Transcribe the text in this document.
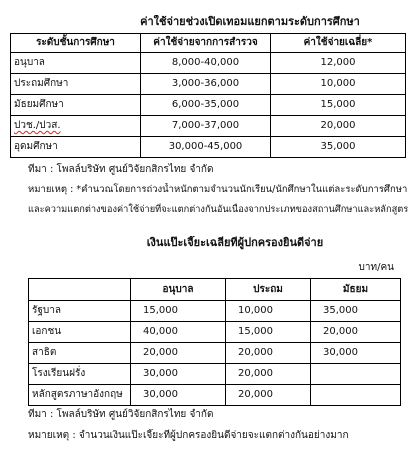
ค่าใช้จ่ายช่วงเปิดเทอมแยกตามระดับการศึกษา
ระดับชั้นการศึกษา	ค่าใช้จ่ายจากการสำรวจ	ค่าใช้จ่ายเฉลี่ย*
อนุบาล	8,000-40,000	12,000
ประถมศึกษา	3,000-36,000	10,000
มัธยมศึกษา	6,000-35,000	15,000
ปวช./ปวส.	7,000-37,000	20,000
อุดมศึกษา	30,000-45,000	35,000
ที่มา : โพลล์บริษัท ศูนย์วิจัยกสิกรไทย จำกัด
หมายเหตุ : *คำนวณโดยการถ่วงน้ำหนักตามจำนวนนักเรียน/นักศึกษาในแต่ละระดับการศึกษา
และความแตกต่างของค่าใช้จ่ายที่จะแตกต่างกันอันเนื่องจากประเภทของสถานศึกษาและหลักสูตร
เงินแป๊ะเจี๊ยะเฉลี่ยที่ผู้ปกครองยินดีจ่าย
บาท/คน
	อนุบาล	ประถม	มัธยม
รัฐบาล	15,000	10,000	35,000
เอกชน	40,000	15,000	20,000
สาธิต	20,000	20,000	30,000
โรงเรียนฝรั่ง	30,000	20,000	
หลักสูตรภาษาอังกฤษ	30,000	20,000	
ที่มา : โพลล์บริษัท ศูนย์วิจัยกสิกรไทย จำกัด
หมายเหตุ : จำนวนเงินแป๊ะเจี๊ยะที่ผู้ปกครองยินดีจ่ายจะแตกต่างกันอย่างมาก
